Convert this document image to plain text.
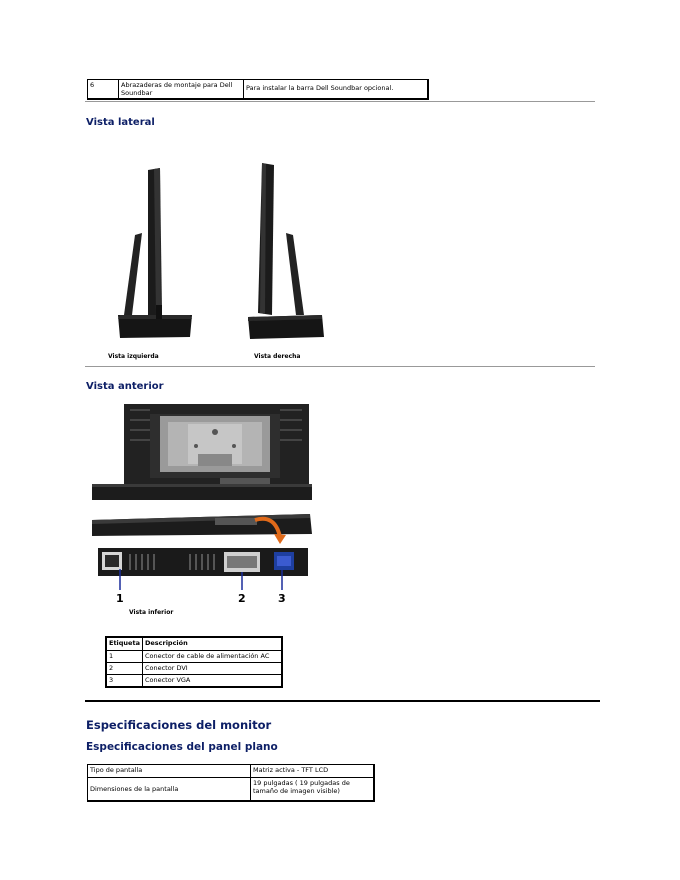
6	Abrazaderas de montaje para Dell Soundbar	Para instalar la barra Dell Soundbar opcional.
Vista lateral
Vista izquierda	Vista derecha
Vista anterior
1	2	3
Vista inferior
Etiqueta	Descripción
1	Conector de cable de alimentación AC
2	Conector DVI
3	Conector VGA
Especificaciones del monitor
Especificaciones del panel plano
Tipo de pantalla	Matriz activa - TFT LCD
Dimensiones de la pantalla	19 pulgadas ( 19 pulgadas de tamaño de imagen visible)
